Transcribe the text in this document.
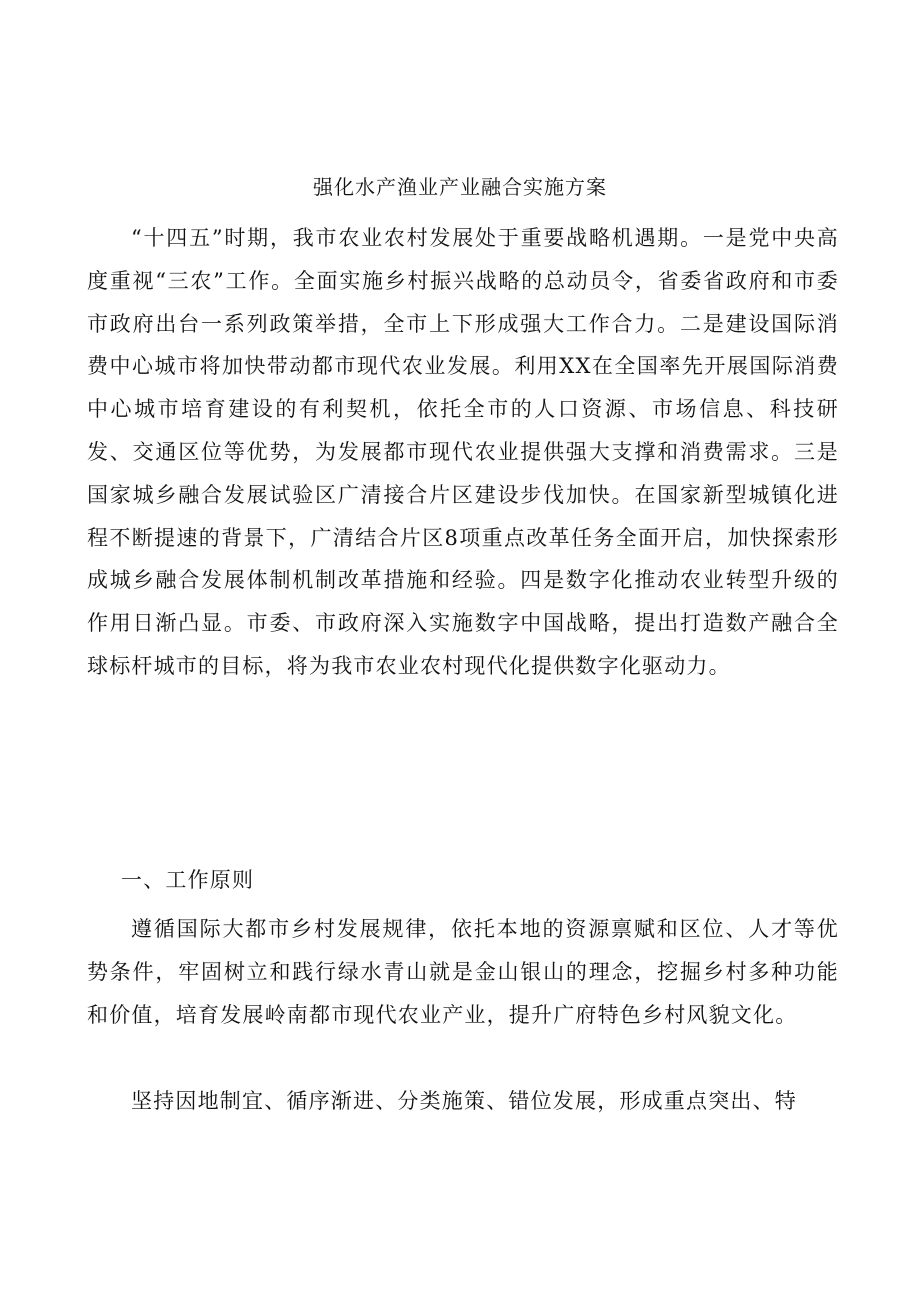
强化水产渔业产业融合实施方案

“十四五”时期，我市农业农村发展处于重要战略机遇期。一是党中央高度重视“三农”工作。全面实施乡村振兴战略的总动员令，省委省政府和市委市政府出台一系列政策举措，全市上下形成强大工作合力。二是建设国际消费中心城市将加快带动都市现代农业发展。利用XX在全国率先开展国际消费中心城市培育建设的有利契机，依托全市的人口资源、市场信息、科技研发、交通区位等优势，为发展都市现代农业提供强大支撑和消费需求。三是国家城乡融合发展试验区广清接合片区建设步伐加快。在国家新型城镇化进程不断提速的背景下，广清结合片区8项重点改革任务全面开启，加快探索形成城乡融合发展体制机制改革措施和经验。四是数字化推动农业转型升级的作用日渐凸显。市委、市政府深入实施数字中国战略，提出打造数产融合全球标杆城市的目标，将为我市农业农村现代化提供数字化驱动力。

一、工作原则

遵循国际大都市乡村发展规律，依托本地的资源禀赋和区位、人才等优势条件，牢固树立和践行绿水青山就是金山银山的理念，挖掘乡村多种功能和价值，培育发展岭南都市现代农业产业，提升广府特色乡村风貌文化。

坚持因地制宜、循序渐进、分类施策、错位发展，形成重点突出、特
